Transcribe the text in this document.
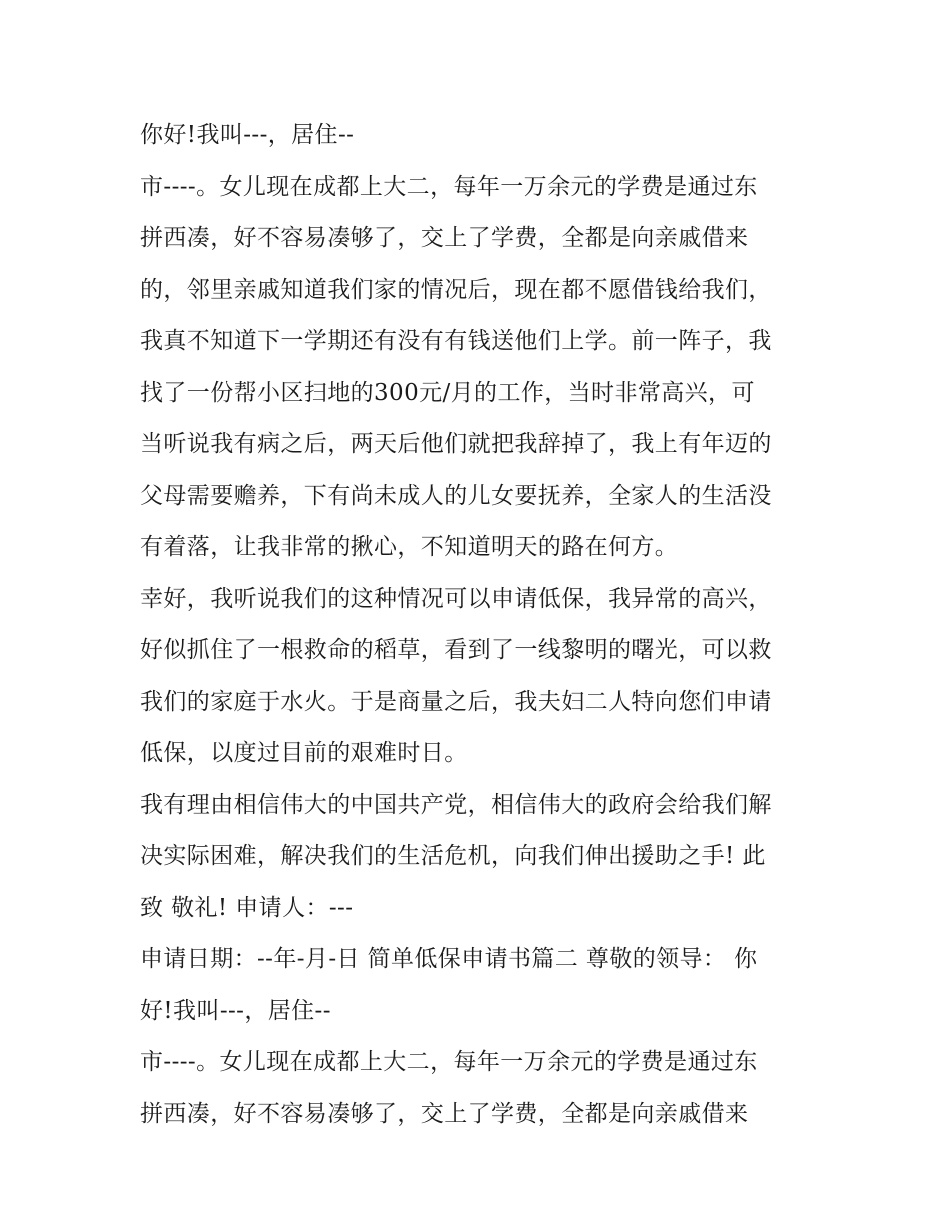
你好!我叫---，居住--
市----。女儿现在成都上大二，每年一万余元的学费是通过东
拼西凑，好不容易凑够了，交上了学费，全都是向亲戚借来
的，邻里亲戚知道我们家的情况后，现在都不愿借钱给我们，
我真不知道下一学期还有没有有钱送他们上学。前一阵子，我
找了一份帮小区扫地的300元/月的工作，当时非常高兴，可
当听说我有病之后，两天后他们就把我辞掉了，我上有年迈的
父母需要赡养，下有尚未成人的儿女要抚养，全家人的生活没
有着落，让我非常的揪心，不知道明天的路在何方。
幸好，我听说我们的这种情况可以申请低保，我异常的高兴，
好似抓住了一根救命的稻草，看到了一线黎明的曙光，可以救
我们的家庭于水火。于是商量之后，我夫妇二人特向您们申请
低保，以度过目前的艰难时日。
我有理由相信伟大的中国共产党，相信伟大的政府会给我们解
决实际困难，解决我们的生活危机，向我们伸出援助之手! 此
致 敬礼! 申请人：---
申请日期：--年-月-日 简单低保申请书篇二 尊敬的领导： 你
好!我叫---，居住--
市----。女儿现在成都上大二，每年一万余元的学费是通过东
拼西凑，好不容易凑够了，交上了学费，全都是向亲戚借来
